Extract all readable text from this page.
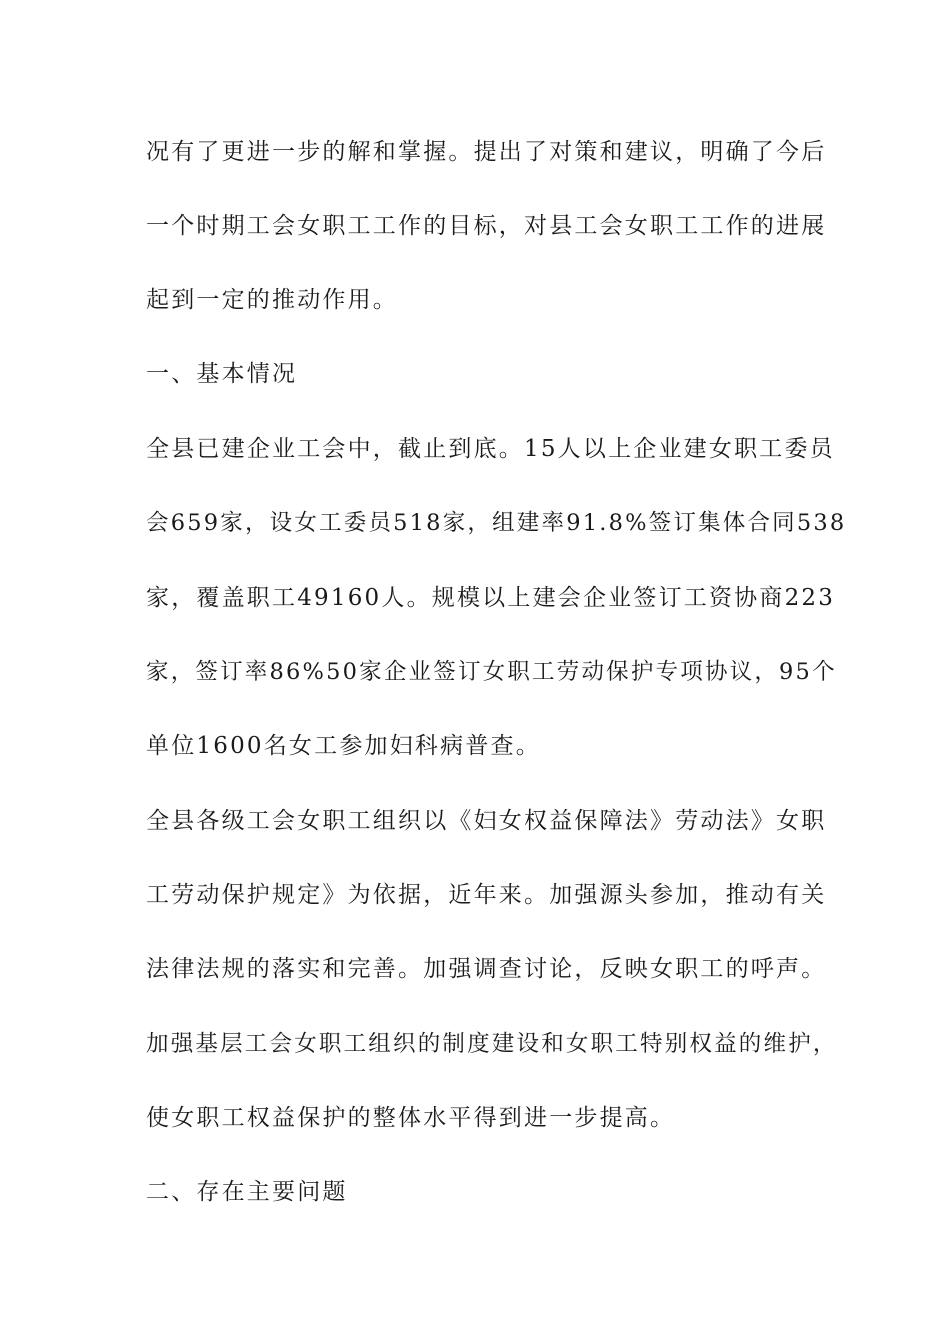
况有了更进一步的解和掌握。提出了对策和建议，明确了今后
一个时期工会女职工工作的目标，对县工会女职工工作的进展
起到一定的推动作用。
一、基本情况
全县已建企业工会中，截止到底。15人以上企业建女职工委员
会659家，设女工委员518家，组建率91.8%签订集体合同538
家，覆盖职工49160人。规模以上建会企业签订工资协商223
家，签订率86%50家企业签订女职工劳动保护专项协议，95个
单位1600名女工参加妇科病普查。
全县各级工会女职工组织以《妇女权益保障法》劳动法》女职
工劳动保护规定》为依据，近年来。加强源头参加，推动有关
法律法规的落实和完善。加强调查讨论，反映女职工的呼声。
加强基层工会女职工组织的制度建设和女职工特别权益的维护，
使女职工权益保护的整体水平得到进一步提高。
二、存在主要问题
